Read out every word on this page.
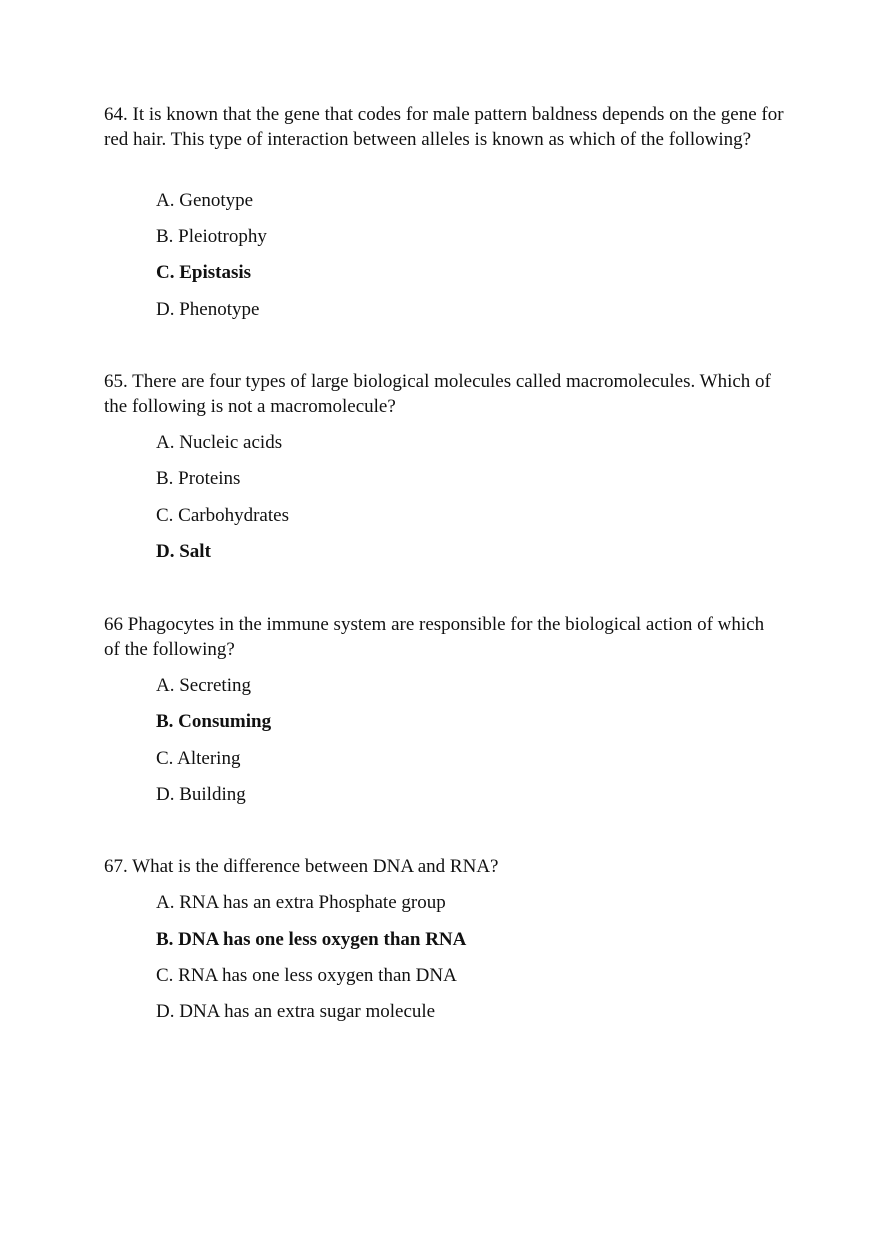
64. It is known that the gene that codes for male pattern baldness depends on the gene for red hair. This type of interaction between alleles is known as which of the following?
A. Genotype
B. Pleiotrophy
C. Epistasis
D. Phenotype
65. There are four types of large biological molecules called macromolecules. Which of the following is not a macromolecule?
A. Nucleic acids
B. Proteins
C. Carbohydrates
D. Salt
66 Phagocytes in the immune system are responsible for the biological action of which of the following?
A. Secreting
B. Consuming
C. Altering
D. Building
67. What is the difference between DNA and RNA?
A. RNA has an extra Phosphate group
B. DNA has one less oxygen than RNA
C. RNA has one less oxygen than DNA
D. DNA has an extra sugar molecule
